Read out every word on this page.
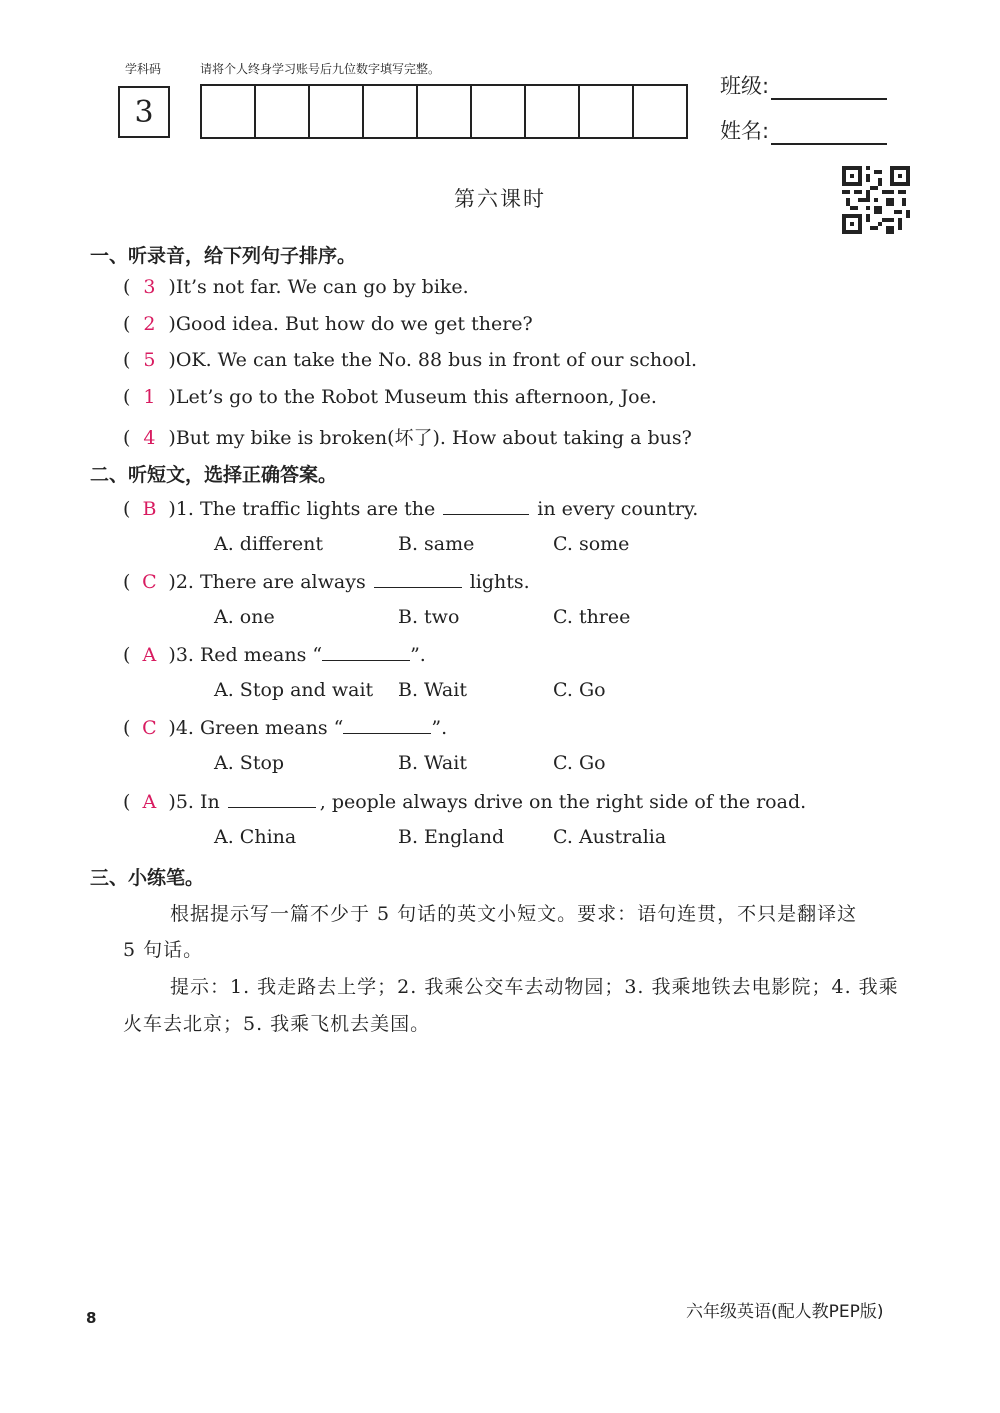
学科码	请将个人终身学习账号后九位数字填写完整。
3
班级:
姓名:
第六课时
一、听录音，给下列句子排序。
( 3 )It’s not far. We can go by bike.
( 2 )Good idea. But how do we get there?
( 5 )OK. We can take the No. 88 bus in front of our school.
( 1 )Let’s go to the Robot Museum this afternoon, Joe.
( 4 )But my bike is broken(坏了). How about taking a bus?
二、听短文，选择正确答案。
( B )1. The traffic lights are the	in every country.
A. different	B. same	C. some
( C )2. There are always	lights.
A. one	B. two	C. three
( A )3. Red means “	”.
A. Stop and wait B. Wait	C. Go
( C )4. Green means “	”.
A. Stop	B. Wait	C. Go
( A )5. In	, people always drive on the right side of the road.
A. China	B. England	C. Australia
三、小练笔。
根据提示写一篇不少于 5 句话的英文小短文。要求：语句连贯，不只是翻译这
5 句话。
提示：1. 我走路去上学；2. 我乘公交车去动物园；3. 我乘地铁去电影院；4. 我乘
火车去北京；5. 我乘飞机去美国。
8	六年级英语(配人教PEP版)
